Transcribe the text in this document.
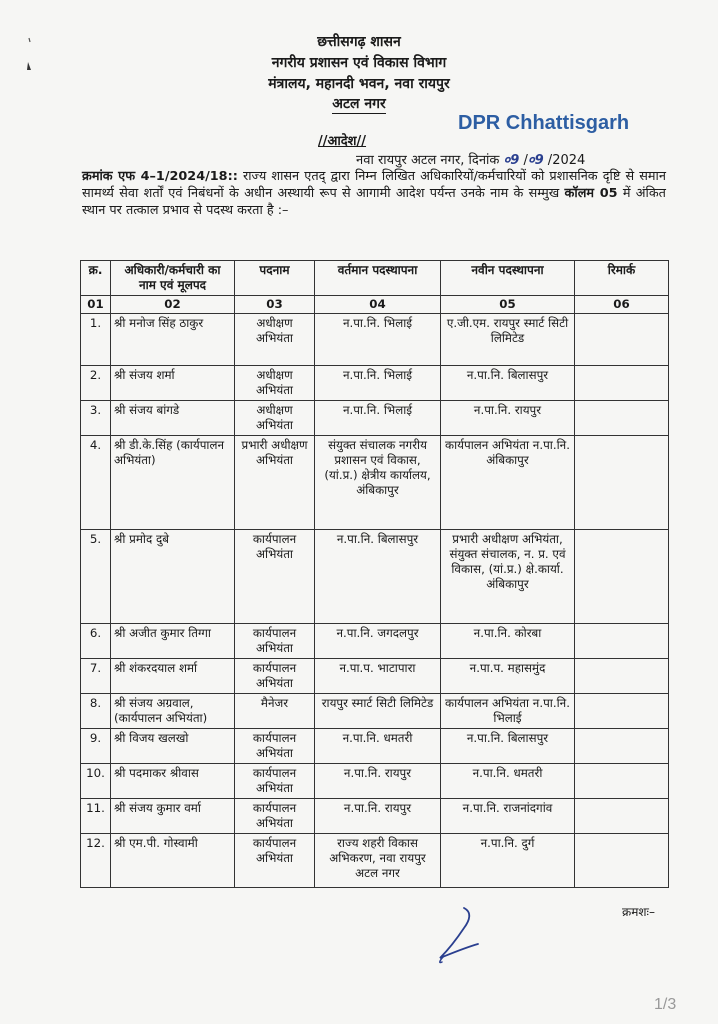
छत्तीसगढ़ शासन
नगरीय प्रशासन एवं विकास विभाग
मंत्रालय, महानदी भवन, नवा रायपुर
अटल नगर
DPR Chhattisgarh
//आदेश//
नवा रायपुर अटल नगर, दिनांक ०9 /०9 /2024
क्रमांक एफ 4–1/2024/18:: राज्य शासन एतद् द्वारा निम्न लिखित अधिकारियों/कर्मचारियों को प्रशासनिक दृष्टि से समान सामर्थ्य सेवा शर्तों एवं निबंधनों के अधीन अस्थायी रूप से आगामी आदेश पर्यन्त उनके नाम के सम्मुख कॉलम 05 में अंकित स्थान पर तत्काल प्रभाव से पदस्थ करता है :–
क्र.	अधिकारी/कर्मचारी का नाम एवं मूलपद	पदनाम	वर्तमान पदस्थापना	नवीन पदस्थापना	रिमार्क
01	02	03	04	05	06
1.	श्री मनोज सिंह ठाकुर	अधीक्षण अभियंता	न.पा.नि. भिलाई	ए.जी.एम. रायपुर स्मार्ट सिटी लिमिटेड	
2.	श्री संजय शर्मा	अधीक्षण अभियंता	न.पा.नि. भिलाई	न.पा.नि. बिलासपुर	
3.	श्री संजय बांगडे	अधीक्षण अभियंता	न.पा.नि. भिलाई	न.पा.नि. रायपुर	
4.	श्री डी.के.सिंह (कार्यपालन अभियंता)	प्रभारी अधीक्षण अभियंता	संयुक्त संचालक नगरीय प्रशासन एवं विकास, (यां.प्र.) क्षेत्रीय कार्यालय, अंबिकापुर	कार्यपालन अभियंता न.पा.नि. अंबिकापुर	
5.	श्री प्रमोद दुबे	कार्यपालन अभियंता	न.पा.नि. बिलासपुर	प्रभारी अधीक्षण अभियंता, संयुक्त संचालक, न. प्र. एवं विकास, (यां.प्र.) क्षे.कार्या. अंबिकापुर	
6.	श्री अजीत कुमार तिग्गा	कार्यपालन अभियंता	न.पा.नि. जगदलपुर	न.पा.नि. कोरबा	
7.	श्री शंकरदयाल शर्मा	कार्यपालन अभियंता	न.पा.प. भाटापारा	न.पा.प. महासमुंद	
8.	श्री संजय अग्रवाल, (कार्यपालन अभियंता)	मैनेजर	रायपुर स्मार्ट सिटी लिमिटेड	कार्यपालन अभियंता न.पा.नि. भिलाई	
9.	श्री विजय खलखो	कार्यपालन अभियंता	न.पा.नि. धमतरी	न.पा.नि. बिलासपुर	
10.	श्री पदमाकर श्रीवास	कार्यपालन अभियंता	न.पा.नि. रायपुर	न.पा.नि. धमतरी	
11.	श्री संजय कुमार वर्मा	कार्यपालन अभियंता	न.पा.नि. रायपुर	न.पा.नि. राजनांदगांव	
12.	श्री एम.पी. गोस्वामी	कार्यपालन अभियंता	राज्य शहरी विकास अभिकरण, नवा रायपुर अटल नगर	न.पा.नि. दुर्ग	
क्रमशः–
1/3
